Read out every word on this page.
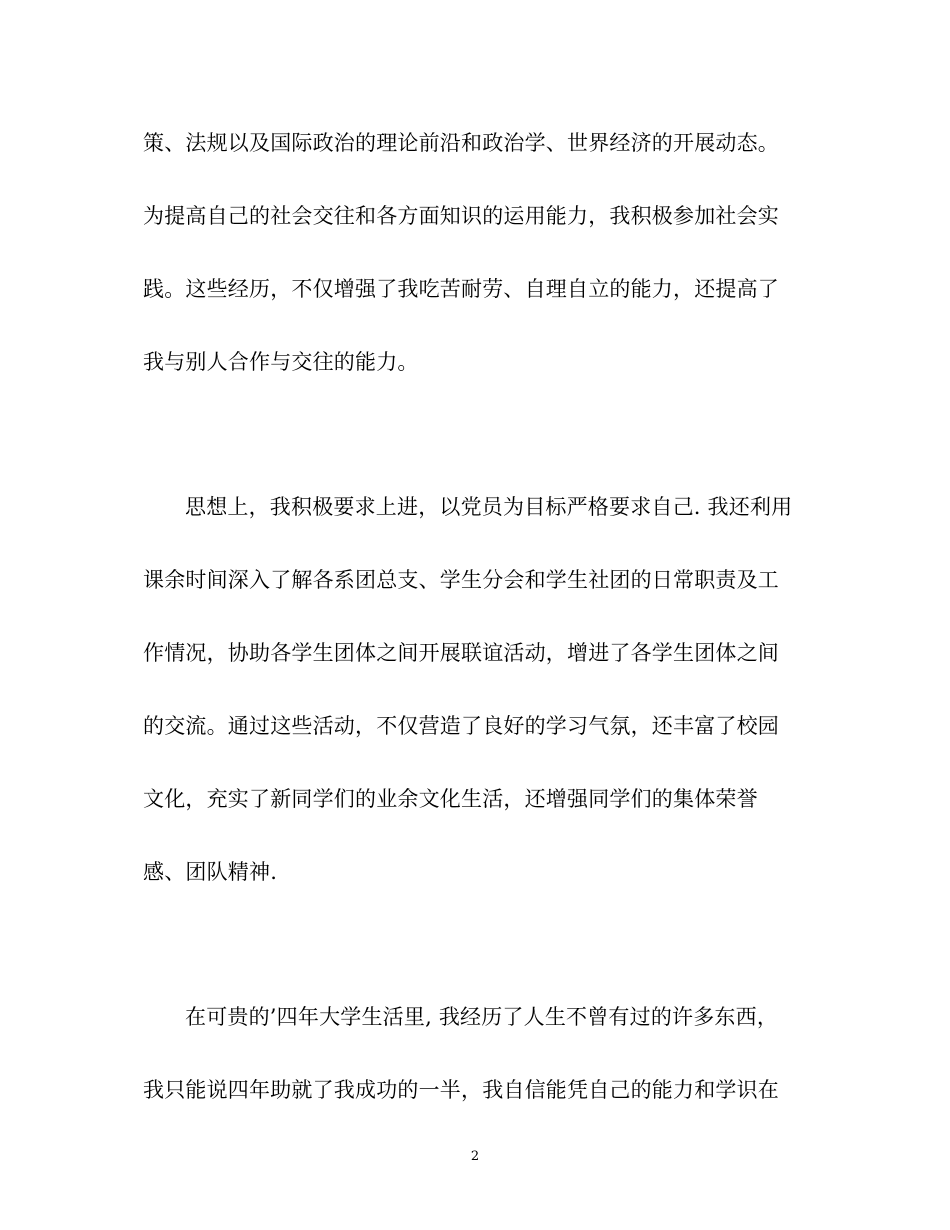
策、法规以及国际政治的理论前沿和政治学、世界经济的开展动态。
为提高自己的社会交往和各方面知识的运用能力，我积极参加社会实
践。这些经历，不仅增强了我吃苦耐劳、自理自立的能力，还提高了
我与别人合作与交往的能力。
思想上，我积极要求上进，以党员为目标严格要求自己. 我还利用
课余时间深入了解各系团总支、学生分会和学生社团的日常职责及工
作情况，协助各学生团体之间开展联谊活动，增进了各学生团体之间
的交流。通过这些活动，不仅营造了良好的学习气氛，还丰富了校园
文化，充实了新同学们的业余文化生活，还增强同学们的集体荣誉
感、团队精神.
在可贵的’四年大学生活里, 我经历了人生不曾有过的许多东西，
我只能说四年助就了我成功的一半，我自信能凭自己的能力和学识在
2
